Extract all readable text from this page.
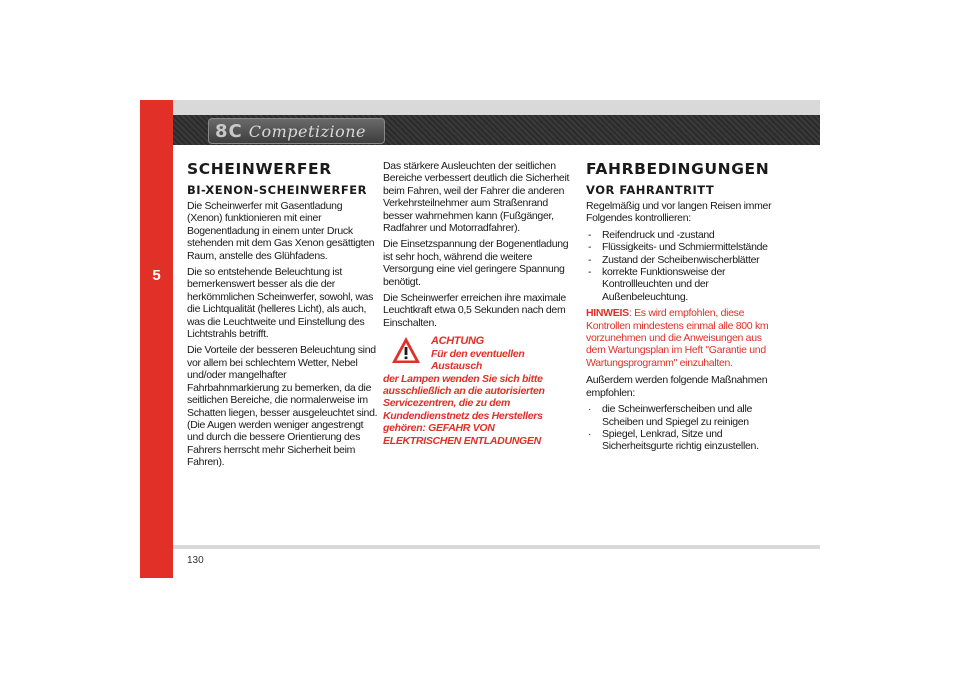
5
8C Competizione
SCHEINWERFER
BI-XENON-SCHEINWERFER

Die Scheinwerfer mit Gasentladung (Xenon) funktionieren mit einer Bogenentladung in einem unter Druck stehenden mit dem Gas Xenon gesättigten Raum, anstelle des Glühfadens.

Die so entstehende Beleuchtung ist bemerkenswert besser als die der herkömmlichen Scheinwerfer, sowohl, was die Lichtqualität (helleres Licht), als auch, was die Leuchtweite und Einstellung des Lichtstrahls betrifft.

Die Vorteile der besseren Beleuchtung sind vor allem bei schlechtem Wetter, Nebel und/oder mangelhafter Fahrbahnmarkierung zu bemerken, da die seitlichen Bereiche, die normalerweise im Schatten liegen, besser ausgeleuchtet sind. (Die Augen werden weniger angestrengt und durch die bessere Orientierung des Fahrers herrscht mehr Sicherheit beim Fahren).

Das stärkere Ausleuchten der seitlichen Bereiche verbessert deutlich die Sicherheit beim Fahren, weil der Fahrer die anderen Verkehrsteilnehmer aum Straßenrand besser wahrnehmen kann (Fußgänger, Radfahrer und Motorradfahrer).

Die Einsetzspannung der Bogenentladung ist sehr hoch, während die weitere Versorgung eine viel geringere Spannung benötigt.

Die Scheinwerfer erreichen ihre maximale Leuchtkraft etwa 0,5 Sekunden nach dem Einschalten.

ACHTUNG
Für den eventuellen Austausch
der Lampen wenden Sie sich bitte ausschließlich an die autorisierten Servicezentren, die zu dem Kundendienstnetz des Herstellers gehören: GEFAHR VON ELEKTRISCHEN ENTLADUNGEN
FAHRBEDINGUNGEN
VOR FAHRANTRITT

Regelmäßig und vor langen Reisen immer Folgendes kontrollieren:

- Reifendruck und -zustand
- Flüssigkeits- und Schmiermittelstände
- Zustand der Scheibenwischerblätter
- korrekte Funktionsweise der Kontrollleuchten und der Außenbeleuchtung.

HINWEIS: Es wird empfohlen, diese Kontrollen mindestens einmal alle 800 km vorzunehmen und die Anweisungen aus dem Wartungsplan im Heft "Garantie und Wartungsprogramm" einzuhalten.

Außerdem werden folgende Maßnahmen empfohlen:

· die Scheinwerferscheiben und alle Scheiben und Spiegel zu reinigen
· Spiegel, Lenkrad, Sitze und Sicherheitsgurte richtig einzustellen.
130
